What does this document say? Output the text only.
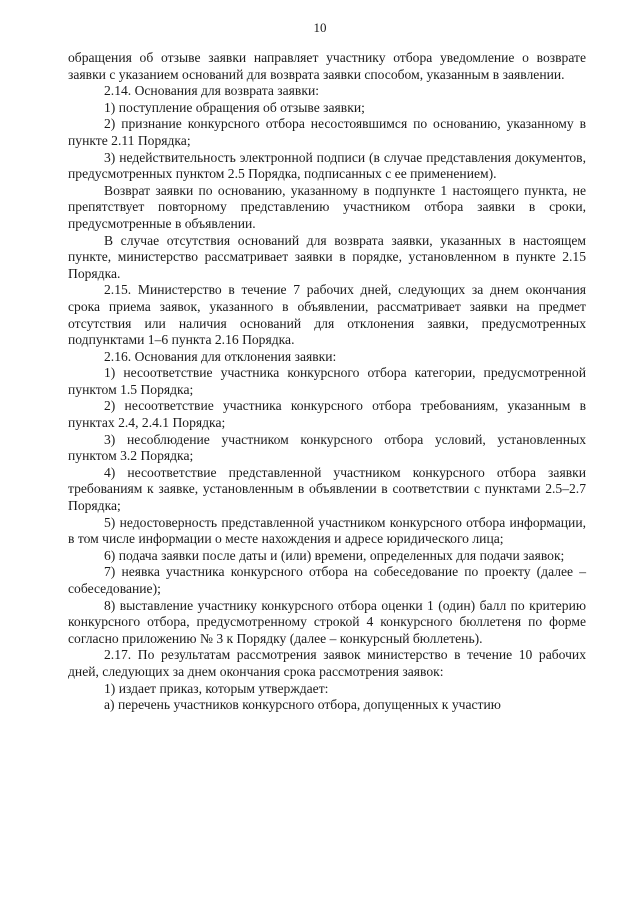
10

обращения об отзыве заявки направляет участнику отбора уведомление о возврате заявки с указанием оснований для возврата заявки способом, указанным в заявлении.

2.14. Основания для возврата заявки:

1) поступление обращения об отзыве заявки;

2) признание конкурсного отбора несостоявшимся по основанию, указанному в пункте 2.11 Порядка;

3) недействительность электронной подписи (в случае представления документов, предусмотренных пунктом 2.5 Порядка, подписанных с ее применением).

Возврат заявки по основанию, указанному в подпункте 1 настоящего пункта, не препятствует повторному представлению участником отбора заявки в сроки, предусмотренные в объявлении.

В случае отсутствия оснований для возврата заявки, указанных в настоящем пункте, министерство рассматривает заявки в порядке, установленном в пункте 2.15 Порядка.

2.15. Министерство в течение 7 рабочих дней, следующих за днем окончания срока приема заявок, указанного в объявлении, рассматривает заявки на предмет отсутствия или наличия оснований для отклонения заявки, предусмотренных подпунктами 1–6 пункта 2.16 Порядка.

2.16. Основания для отклонения заявки:

1) несоответствие участника конкурсного отбора категории, предусмотренной пунктом 1.5 Порядка;

2) несоответствие участника конкурсного отбора требованиям, указанным в пунктах 2.4, 2.4.1 Порядка;

3) несоблюдение участником конкурсного отбора условий, установленных пунктом 3.2 Порядка;

4) несоответствие представленной участником конкурсного отбора заявки требованиям к заявке, установленным в объявлении в соответствии с пунктами 2.5–2.7 Порядка;

5) недостоверность представленной участником конкурсного отбора информации, в том числе информации о месте нахождения и адресе юридического лица;

6) подача заявки после даты и (или) времени, определенных для подачи заявок;

7) неявка участника конкурсного отбора на собеседование по проекту (далее – собеседование);

8) выставление участнику конкурсного отбора оценки 1 (один) балл по критерию конкурсного отбора, предусмотренному строкой 4 конкурсного бюллетеня по форме согласно приложению № 3 к Порядку (далее – конкурсный бюллетень).

2.17. По результатам рассмотрения заявок министерство в течение 10 рабочих дней, следующих за днем окончания срока рассмотрения заявок:

1) издает приказ, которым утверждает:

а) перечень участников конкурсного отбора, допущенных к участию
